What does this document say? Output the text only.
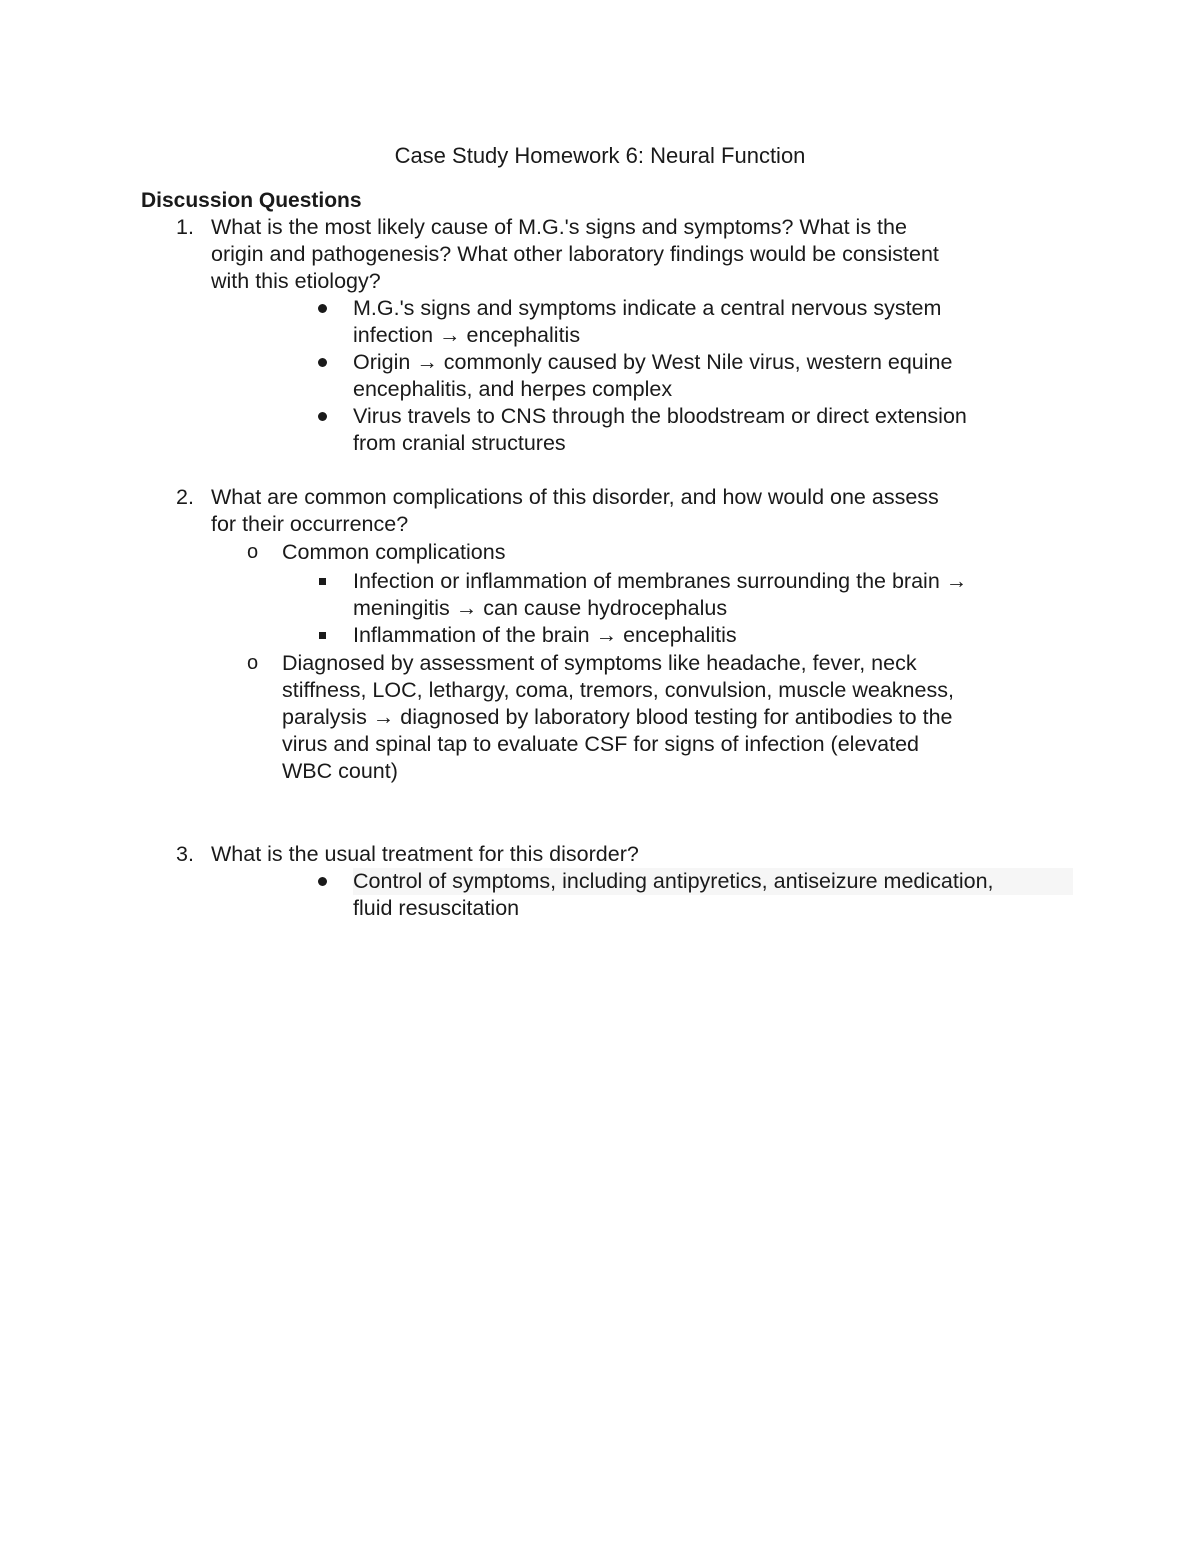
Case Study Homework 6: Neural Function
Discussion Questions
1. What is the most likely cause of M.G.'s signs and symptoms? What is the
origin and pathogenesis? What other laboratory findings would be consistent
with this etiology?
M.G.'s signs and symptoms indicate a central nervous system
infection → encephalitis
Origin → commonly caused by West Nile virus, western equine
encephalitis, and herpes complex
Virus travels to CNS through the bloodstream or direct extension
from cranial structures
2. What are common complications of this disorder, and how would one assess
for their occurrence?
o Common complications
Infection or inflammation of membranes surrounding the brain →
meningitis → can cause hydrocephalus
Inflammation of the brain → encephalitis
o Diagnosed by assessment of symptoms like headache, fever, neck
stiffness, LOC, lethargy, coma, tremors, convulsion, muscle weakness,
paralysis → diagnosed by laboratory blood testing for antibodies to the
virus and spinal tap to evaluate CSF for signs of infection (elevated
WBC count)
3. What is the usual treatment for this disorder?
Control of symptoms, including antipyretics, antiseizure medication,
fluid resuscitation
